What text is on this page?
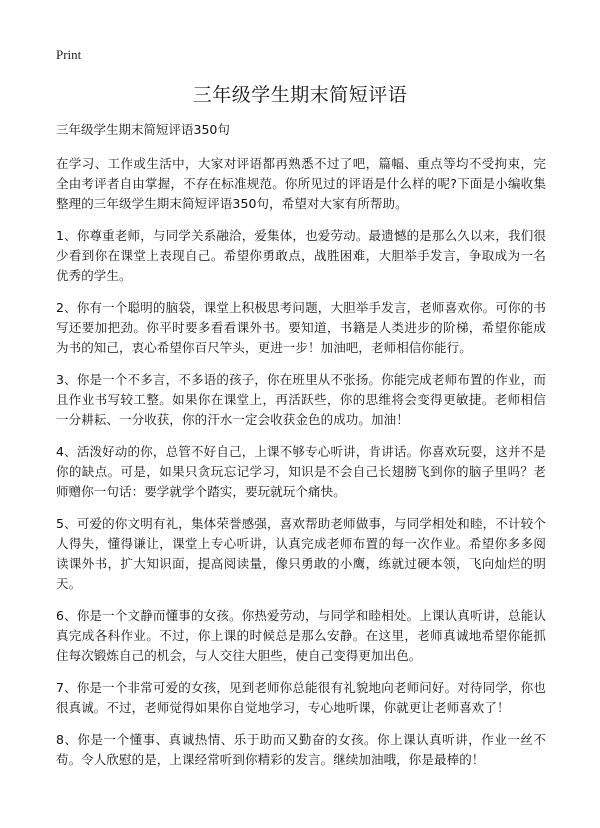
Print
三年级学生期末简短评语

三年级学生期末简短评语350句

在学习、工作或生活中，大家对评语都再熟悉不过了吧，篇幅、重点等均不受拘束，完全由考评者自由掌握，不存在标准规范。你所见过的评语是什么样的呢?下面是小编收集整理的三年级学生期末简短评语350句，希望对大家有所帮助。

1、你尊重老师，与同学关系融洽，爱集体，也爱劳动。最遗憾的是那么久以来，我们很少看到你在课堂上表现自己。希望你勇敢点，战胜困难，大胆举手发言，争取成为一名优秀的学生。

2、你有一个聪明的脑袋，课堂上积极思考问题，大胆举手发言，老师喜欢你。可你的书写还要加把劲。你平时要多看看课外书。要知道，书籍是人类进步的阶梯，希望你能成为书的知己，衷心希望你百尺竿头，更进一步！加油吧，老师相信你能行。

3、你是一个不多言，不多语的孩子，你在班里从不张扬。你能完成老师布置的作业，而且作业书写较工整。如果你在课堂上，再活跃些，你的思维将会变得更敏捷。老师相信一分耕耘、一分收获，你的汗水一定会收获金色的成功。加油！

4、活泼好动的你，总管不好自己，上课不够专心听讲，肯讲话。你喜欢玩耍，这并不是你的缺点。可是，如果只贪玩忘记学习，知识是不会自己长翅膀飞到你的脑子里吗？老师赠你一句话：要学就学个踏实，要玩就玩个痛快。

5、可爱的你文明有礼，集体荣誉感强，喜欢帮助老师做事，与同学相处和睦，不计较个人得失，懂得谦让，课堂上专心听讲，认真完成老师布置的每一次作业。希望你多多阅读课外书，扩大知识面，提高阅读量，像只勇敢的小鹰，练就过硬本领，飞向灿烂的明天。

6、你是一个文静而懂事的女孩。你热爱劳动，与同学和睦相处。上课认真听讲，总能认真完成各科作业。不过，你上课的时候总是那么安静。在这里，老师真诚地希望你能抓住每次锻炼自己的机会，与人交往大胆些，使自己变得更加出色。

7、你是一个非常可爱的女孩，见到老师你总能很有礼貌地向老师问好。对待同学，你也很真诚。不过，老师觉得如果你自觉地学习，专心地听课，你就更让老师喜欢了！

8、你是一个懂事、真诚热情、乐于助而又勤奋的女孩。你上课认真听讲，作业一丝不苟。令人欣慰的是，上课经常听到你精彩的发言。继续加油哦，你是最棒的！
